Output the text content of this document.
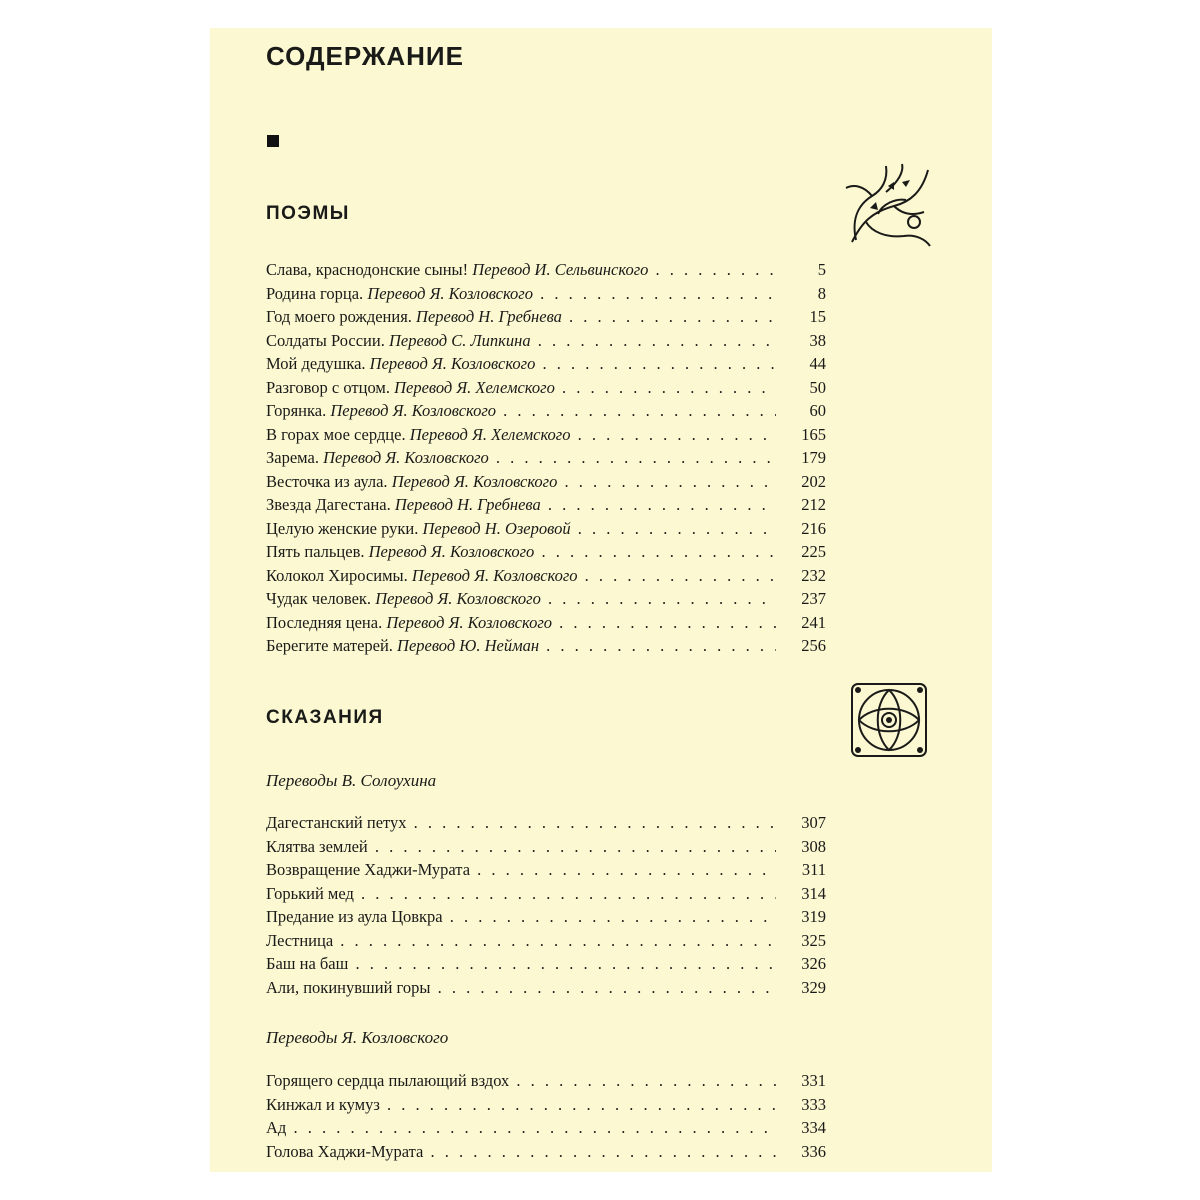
СОДЕРЖАНИЕ
ПОЭМЫ
Слава, краснодонские сыны! Перевод И. Сельвинского . . .	5
Родина горца. Перевод Я. Козловского . . .	8
Год моего рождения. Перевод Н. Гребнева . . .	15
Солдаты России. Перевод С. Липкина . . .	38
Мой дедушка. Перевод Я. Козловского . . .	44
Разговор с отцом. Перевод Я. Хелемского . . .	50
Горянка. Перевод Я. Козловского . . .	60
В горах мое сердце. Перевод Я. Хелемского . . .	165
Зарема. Перевод Я. Козловского . . .	179
Весточка из аула. Перевод Я. Козловского . . .	202
Звезда Дагестана. Перевод Н. Гребнева . . .	212
Целую женские руки. Перевод Н. Озеровой . . .	216
Пять пальцев. Перевод Я. Козловского . . .	225
Колокол Хиросимы. Перевод Я. Козловского . . .	232
Чудак человек. Перевод Я. Козловского . . .	237
Последняя цена. Перевод Я. Козловского . . .	241
Берегите матерей. Перевод Ю. Нейман . . .	256
СКАЗАНИЯ
Переводы В. Солоухина
Дагестанский петух . . .	307
Клятва землей . . .	308
Возвращение Хаджи-Мурата . . .	311
Горький мед . . .	314
Предание из аула Цовкра . . .	319
Лестница . . .	325
Баш на баш . . .	326
Али, покинувший горы . . .	329
Переводы Я. Козловского
Горящего сердца пылающий вздох . . .	331
Кинжал и кумуз . . .	333
Ад . . .	334
Голова Хаджи-Мурата . . .	336
